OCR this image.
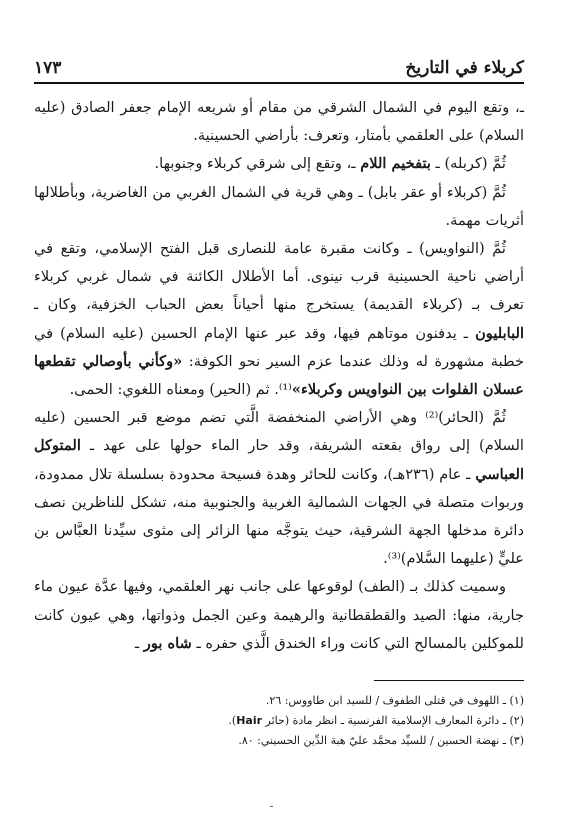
كربلاء في التاريخ
١٧٣

ـ، وتقع اليوم في الشمال الشرقي من مقام أو شريعه الإمام جعفر الصادق (عليه السلام) على العلقمي بأمتار، وتعرف: بأراضي الحسينية.

ثُمَّ (كربله) ـ بتفخيم اللام ـ، وتقع إلى شرقي كربلاء وجنوبها.

ثُمَّ (كربلاء أو عقر بابل) ـ وهي قرية في الشمال الغربي من الغاضرية، وبأطلالها أثريات مهمة.

ثُمَّ (النواويس) ـ وكانت مقبرة عامة للنصارى قبل الفتح الإسلامي، وتقع في أراضي ناحية الحسينية قرب نينوى. أما الأطلال الكائنة في شمال غربي كربلاء تعرف بـ (كربلاء القديمة) يستخرج منها أحياناً بعض الحباب الخزفية، وكان ـ البابليون ـ يدفنون موتاهم فيها، وقد عبر عنها الإمام الحسين (عليه السلام) في خطبة مشهورة له وذلك عندما عزم السير نحو الكوفة: «وكأني بأوصالي تقطعها عسلان الفلوات بين النواويس وكربلاء»⁽¹⁾. ثم (الحير) ومعناه اللغوي: الحمى.

ثُمَّ (الحائر)⁽²⁾ وهي الأراضي المنخفضة الَّتي تضم موضع قبر الحسين (عليه السلام) إلى رواق بقعته الشريفة، وقد حار الماء حولها على عهد ـ المتوكل العباسي ـ عام (٢٣٦هـ)، وكانت للحائر وهدة فسيحة محدودة بسلسلة تلال ممدودة، وربوات متصلة في الجهات الشمالية الغربية والجنوبية منه، تشكل للناظرين نصف دائرة مدخلها الجهة الشرقية، حيث يتوجَّه منها الزائر إلى مثوى سيِّدنا العبَّاس بن عليٍّ (عليهما السَّلام)⁽³⁾.

وسميت كذلك بـ (الطف) لوقوعها على جانب نهر العلقمي، وفيها عدَّة عيون ماء جارية، منها: الصيد والقطقطانية والرهيمة وعين الجمل وذواتها، وهي عيون كانت للموكلين بالمسالح التي كانت وراء الخندق الَّذي حفره ـ شاه بور ـ

(١) ـ اللهوف في قتلى الطفوف / للسيد ابن طاووس: ٢٦.

(٢) ـ دائرة المعارف الإسلامية الفرنسية ـ انظر مادة (حائر Hair).

(٣) ـ نهضة الحسين / للسيِّد محمَّد عليّ هبة الدِّين الحسيني: ٨٠.
